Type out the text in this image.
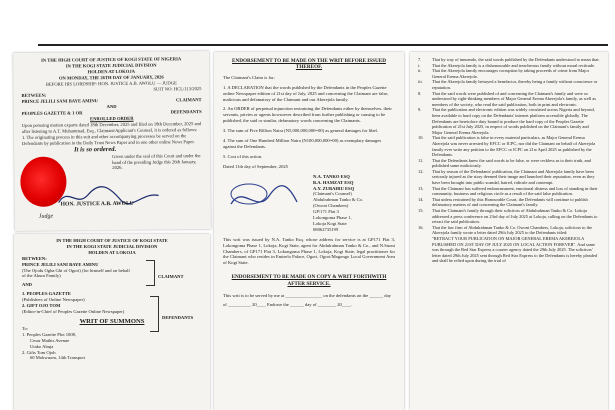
IN THE HIGH COURT OF JUSTICE OF KOGI STATE OF NIGERIA

IN THE KOGI STATE JUDICIAL DIVISION

HOLDEN AT LOKOJA

ON MONDAY, THE 26TH DAY OF JANUARY, 2026

BEFORE HIS LORDSHIP: HON. JUSTICE A.B. AWOLU — JUDGE

SUIT NO: HCL/113/2025

BETWEEN:

PRINCE JELILI SANI BAYE AMINU	CLAIMANT

AND

PEOPLES GAZETTE & 1 OR	DEFENDANTS

ENROLLED ORDER

Upon perusing motion exparte dated 18th December, 2025 and filed on 18th December, 2025 and after listening to A.T. Muhammad, Esq., Claimant/Applicant's Counsel, it is ordered as follows:

1. The originating process in this suit and other accompanying processes be served on the Defendants by publication in the Daily Trust News Paper and in one other online News Paper.

It is so ordered.

Given under the seal of this Court and under the hand of the presiding Judge this 26th January, 2026.

HON. JUSTICE A.B. AWOLU

Judge

IN THE HIGH COURT OF JUSTICE OF KOGI STATE

IN THE KOGI STATE JUDICIAL DIVISION

HOLDEN AT LOKOJA

BETWEEN:

PRINCE JELILI SANI BAYE AMINU

(The Ojodu Ogba Gbi of Ogori) (for himself and on behalf of the Akura Family)

AND

1. PEOPLES GAZETTE

(Publishers of Online Newspaper)

2. GIFT OJO TOM

(Editor-in-Chief of Peoples Gazette Online Newspaper)

WRIT OF SUMMONS

To:

1. Peoples Gazette Plot 1008,

Cesar Mathis Avenue

Utako Abuja

2. Gifts Tom Ojoh

60 Mokwuom, 14th Transport

CLAIMANT

DEFENDANTS

ENDORSEMENT TO BE MADE ON THE WRIT BEFORE ISSUED THEREOF.

The Claimant's Claim is for:

1. A DECLARATION that the words published by the Defendants in the Peoples Gazette online Newspaper edition of 21st day of July, 2025 and concerning the Claimant are false, malicious and defamatory of the Claimant and our Akerejola family.

2. An ORDER of perpetual injunction restraining the Defendants either by themselves, their servants, privies or agents howsoever described from further publishing or causing to be published, the said or similar, defamatory words concerning the Claimants.

3. The sum of Five Billion Naira (N5,000,000,000=00) as general damages for libel.

4. The sum of One Hundred Million Naira (N100,000,000=00) as exemplary damages against the Defendants.

5. Cost of this action.

Dated 11th day of September, 2025

N.A. TANKO ESQ

B.A. HAMZAT ESQ

A.Y. ZUBAIRU ESQ

(Claimant's Counsel)

Abdulrahman Tanko & Co.

(Owoni Chambers)

GP/171 Flat 3

Lokongoma Phase 1,

Lokoja Kogi State

08062735199

This writ was issued by N.A. Tanko Esq. whose address for service is at GP171 Flat 3, Lokongoma Phase 1, Lokoja, Kogi State, agent for Abdulrahman Tanko & Co., and N.Suoni Chambers, of GP171 Flat 3, Lokongoma Phase 1, Lokoja, Kogi State, legal practitioner for the Claimant who resides in Emiselo Palace, Ogori, Ogori/Magongo Local Government Area of Kogi State.

ENDORSEMENT TO BE MADE ON COPY & WRIT FORTHWITH AFTER SERVICE.

This writ is to be served by me at ________________ on the defendants on the ______ day of __________ 20____ Endorse the ______ day of ________ 20____.

7.	That by way of innuendo, the said words published by the Defendants understood to mean that:
i.	That the Akerejola family is a dishonourable and treacherous family without moral rectitude.
ii.	That the Akerejola family encourages corruption by taking proceeds of crime from Major General Erema Akerejola.
iii.	That the Akerejola family betrayed a benefactor, thereby being a family without conscience or reputation.
8.	That the said words were published of and concerning the Claimant's family and were so understood by right-thinking members of Major General Erema Akerejola's family, as well as members of the society, who read the said publication, both in print and electronic.
9.	That the publication and electronic edition was widely circulated across Nigeria and beyond, been available to hard copy on the Defendants' internet platform accessible globally. The Defendants are heretofore duty bound to produce the hard copy of the Peoples Gazette publication of 21st July 2025, in respect of words published on the Claimant's family and Major General Erema Akerejola.
10.	That the said publication is false in every material particulars, as Major General Erema Akerejola was never arrested by EFCC or ICPC, nor did the Claimant on behalf of Akerejola family ever write any petition to the EFCC or ICPC on 21st April 2025 as published by the Defendants.
11.	That the Defendants knew the said words to be false, or were reckless as to their truth, and published same maliciously.
12.	That by reason of the Defendants' publication, the Claimant and Akerejola family have been seriously injured as the story deemed their image and launched their reputation, even as they have been brought into public scandal, hatred, ridicule and contempt.
13.	That the Claimant has suffered embarrassment, emotional distress and loss of standing in their community, business and religious circle as a result of the said false publication.
14.	That unless restrained by this Honourable Court, the Defendants will continue to publish defamatory matters of and concerning the Claimant's family.
15.	That the Claimant's family through their solicitors of Abdulrahman Tanko & Co. Lokoja addressed a press conference on 23rd day of July 2025 at Lokoja, calling on the Defendants to retract the said publication.
16.	That the law firm of Abdulrahman Tanko & Co. Owoni Chambers, Lokoja, solicitors to the Akerejola family wrote a letter dated 29th July 2025 to the Defendants titled:
"RETRACT YOUR PUBLICATION ON MAJOR GENERAL EREMA AKEREJOLA PUBLISHED ON 21ST DAY OF JULY 2025 ON LOCAL ACTION FOREVER". And same was through the Red Star Express a courier agency dated the 29th July 2025. The solicitors' letter dated 29th July 2025 sent through Red Star Express to the Defendants is hereby pleaded and shall be relied upon during the trial of
